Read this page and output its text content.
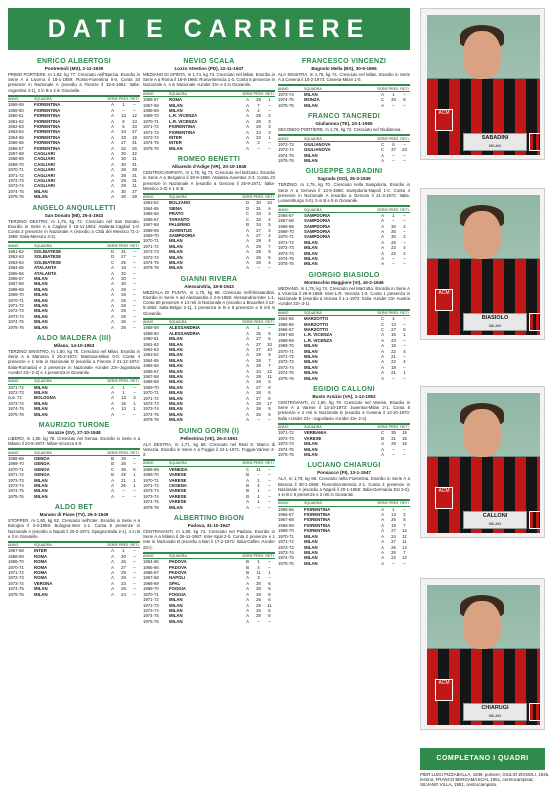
DATI E CARRIERE
ENRICO ALBERTOSI
Pontremoli (MS), 2-11-1939
PRIMO PORTIERE, m 1,82, kg 77. Cresciuto nell'Spezia. Esordio in Serie A a Livorno il 18-1-1959: Roma-Fiorentina 0-0. Conta 34 presenze in Nazionale A (esordio a Firenze il 15-6-1961: Italia-Argentina 4-1), 2 in B e 2 in Giovanile.
ANNO	SQUADRA	SERIE	PRES	RETI
1958-59	FIORENTINA	A	1	–
1959-60	FIORENTINA	A	–	–
1960-61	FIORENTINA	A	13	12
1961-62	FIORENTINA	A	6	13
1962-63	FIORENTINA	A	5	33
1963-64	FIORENTINA	A	34	27
1964-65	FIORENTINA	A	33	19
1965-66	FIORENTINA	A	27	31
1966-67	FIORENTINA	A	32	26
1967-68	CAGLIARI	A	30	32
1968-69	CAGLIARI	A	30	11
1969-70	CAGLIARI	A	30	31
1970-71	CAGLIARI	A	28	28
1971-72	CAGLIARI	A	28	31
1972-73	CAGLIARI	A	29	31
1973-74	CAGLIARI	A	29	11
1974-75	MILAN	A	30	27
1975-76	MILAN	A	30	28
ANGELO ANQUILLETTI
San Donato (MI), 25-4-1943
TERZINO DESTRO, m 1,75, kg 73. Cresciuto nel San Donato. Esordio in Serie A a Cagliari il 15-11-1964: Atalanta-Cagliari 1-0. Conta 2 presenze in Nazionale A (esordio a Città del Messico l'1-1-1969: Italia-Messico 3-2).
ANNO	SQUADRA	SERIE	PRES	RETI
1961-62	SOLBIATESE	D	31	–
1962-63	SOLBIATESE	D	27	–
1963-64	SOLBIATESE	C	25	–
1964-65	ATALANTA	A	18	–
1965-66	ATALANTA	A	32	–
1966-67	MILAN	A	30	–
1967-68	MILAN	A	30	–
1968-69	MILAN	A	29	–
1969-70	MILAN	A	26	–
1970-71	MILAN	A	25	–
1971-72	MILAN	A	28	–
1972-73	MILAN	A	25	–
1973-74	MILAN	A	26	–
1974-75	MILAN	A	26	–
1975-76	MILAN	A	26	–
ALDO MALDERA (III)
Milano, 14-10-1953
TERZINO SINISTRO, m 1,80, kg 75. Cresciuto nel Milan. Esordio in Serie A a Mantova il 26-3-1972: Mantova-Milan 0-0. Conta 4 presenze e 1 rete in Nazionale B (esordio a Firenze il 21-12-1974: Italia-Romania) e 2 presenze in Nazionale «Under 23»-Jugoslavia «Under 23» 2-2) e 1 presenza in Giovanile.
ANNO	SQUADRA	SERIE	PRES	RETI
1971-72	MILAN	A	1	–
1972-73	MILAN	A	1	–
nov. 72	BOLOGNA	A	13	3
1973-74	MILAN	A	16	1
1974-75	MILAN	A	13	1
1975-76	MILAN	A	–	–
MAURIZIO TURONE
Varazze (SV), 27-10-1948
LIBERO, m 1,80, kg 78. Cresciuto nel Genoa. Esordio in Serie A a Milano il 24-9-1972: Milan-Vicenza 4-0.
ANNO	SQUADRA	SERIE	PRES	RETI
1968-69	GENOA	B	25	–
1969-70	GENOA	B	26	–
1970-71	GENOA	C	35	6
1971-72	GENOA	B	29	1
1972-73	MILAN	A	21	1
1973-74	MILAN	A	26	1
1974-75	MILAN	A	–	–
1975-76	MILAN	A	–	–
ALDO BET
Marano di Piave (TV), 26-3-1949
STOPPER, m 1,80, kg 82. Cresciuto nell'Inter. Esordio in Serie A a Bologna il 3-3-1968: Bologna-Inter 1-1. Conta 5 presenze in Nazionale A (esordio a Napoli il 20-2-1971: Spagna-Italia 2-1), 4 in B e 3 in Giovanile.
ANNO	SQUADRA	SERIE	PRES	RETI
1967-68	INTER	A	1	–
1968-69	ROMA	A	20	–
1969-70	ROMA	A	26	–
1970-71	ROMA	A	27	–
1971-72	ROMA	A	29	–
1972-73	ROMA	A	26	–
1973-74	VERONA	A	23	–
1974-75	MILAN	A	26	–
1975-76	MILAN	A	24	–
NEVIO SCALA
Lozzo Atestino (PD), 22-11-1947
MEDIANO DI SPINTA, m 1,74, kg 73. Cresciuto nel Milan. Esordio in Serie A a Roma il 18-9-1966: Roma-Brescia 1-0. Conta 5 presenze in Nazionale A, 4 in Nazionale «Under 23» e 2 in Giovanile.
ANNO	SQUADRA	SERIE	PRES	RETI
1966-67	ROMA	A	28	1
1967-68	MILAN	A	7	–
1968-69	MILAN	A	4	–
1969-70	L.R. VICENZA	A	29	2
1970-71	L.R. VICENZA	A	26	3
1971-72	FIORENTINA	A	29	3
1972-73	FIORENTINA	A	24	3
1973-74	INTER	A	22	1
1974-75	INTER	A	3	–
1975-76	MILAN	A	–	–
ROMEO BENETTI
Albaredo d'Adige (VR), 20-10-1945
CENTROCAMPISTA, m 1,75, kg 73. Cresciuto nel Bolzano. Esordio in Serie A a Bergamo il 29-9-1968: Atalanta-Juventus 3-3. Conta 23 presenze in Nazionale A (esordio a Genova il 25-9-1971: Italia-Messico 2-0) e 1 in B.
ANNO	SQUADRA	SERIE	PRES	RETI
1963-64	BOLZANO	D	30	10
1964-65	SIENA	D	31	6
1965-66	PRATO	C	33	3
1966-67	TARANTO	C	33	4
1967-68	PALERMO	B	34	5
1968-69	JUVENTUS	A	27	2
1969-70	SAMPDORIA	A	27	2
1970-71	MILAN	A	29	4
1971-72	MILAN	A	29	7
1972-73	MILAN	A	29	5
1973-74	MILAN	A	26	5
1974-75	MILAN	A	26	4
1975-76	MILAN	A	–	–
GIANNI RIVERA
Alessandria, 18-8-1943
MEZZALA DI PUNTA, m 1,75, kg 68. Cresciuto nell'Alessandria. Esordio in Serie A ad Alessandria il 2-6-1959: Alessandria-Inter 1-1. Conta 60 presenze e 14 reti in Nazionale A (esordio a Bruxelles il 13-5-1962: Italia-Belgio 3-1), 1 presenza in B e 9 presenze e 8 reti in Giovanile.
ANNO	SQUADRA	SERIE	PRES	RETI
1958-59	ALESSANDRIA	A	1	–
1959-60	ALESSANDRIA	A	25	6
1960-61	MILAN	A	27	6
1961-62	MILAN	A	27	10
1962-63	MILAN	A	27	10
1963-64	MILAN	A	29	9
1964-65	MILAN	A	26	7
1965-66	MILAN	A	29	7
1966-67	MILAN	A	34	12
1967-68	MILAN	A	29	11
1968-69	MILAN	A	26	5
1969-70	MILAN	A	27	8
1970-71	MILAN	A	28	6
1971-72	MILAN	A	27	6
1972-73	MILAN	A	28	17
1973-74	MILAN	A	26	5
1974-75	MILAN	A	26	5
1975-76	MILAN	A	–	–
DUINO GORIN (I)
Pellestrina (VE), 26-3-1951
ALA DESTRA, m 1,71, kg 68. Cresciuto nel Real S. Marco di Venezia. Esordio in Serie A a Foggia il 24-1-1971: Foggia-Varese 2-2.
ANNO	SQUADRA	SERIE	PRES	RETI
1968-69	VENEZIA	C	11	–
1969-70	VARESE	B	–	–
1970-71	VARESE	A	1	–
1971-72	CESENA	B	4	–
1972-73	VARESE	B	1	–
1973-74	VARESE	B	1	–
1974-75	VARESE	A	1	–
1975-76	MILAN	A	–	–
ALBERTINO BIGON
Padova, 31-10-1947
CENTRAVANTI, m 1,80, kg 74. Cresciuto nel Padova. Esordio in Serie A a Milano il 26-11-1967: Inter-Spal 2-0. Conta 2 presenze e 1 rete in Nazionale B (esordio a Bari il 17-2-1971: Italia-Galles «Under 23»).
ANNO	SQUADRA	SERIE	PRES	RETI
1964-65	PADOVA	B	1	–
1965-66	PADOVA	B	4	–
1966-67	PADOVA	B	11	1
1967-68	NAPOLI	A	3	–
1968-69	SPAL	A	30	6
1969-70	FOGGIA	A	28	5
1970-71	FOGGIA	A	28	8
1971-72	MILAN	A	26	6
1972-73	MILAN	A	25	11
1973-74	MILAN	A	25	5
1974-75	MILAN	A	28	8
1975-76	MILAN	A	–	–
FRANCESCO VINCENZI
Bagnolo Mella (BS), 30-9-1956
ALA SINISTRA, m 1,76, kg 74. Cresciuto nel Milan. Esordio in Serie A a Cesena il 10-2-1974: Cesena-Milan 1-0.
ANNO	SQUADRA	SERIE	PRES	RETI
1973-74	MILAN	A	1	–
1974-75	MONZA	C	20	8
1975-76	MILAN	A	–	–
FRANCO TANCREDI
Giulianova (TE), 10-1-1955
SECONDO PORTIERE, m 1,76, kg 72. Cresciuto nel Giulianova.
ANNO	SQUADRA	SERIE	PRES	RETI
1972-73	GIULIANOVA	C	6	–
1973-74	GIULIANOVA	C	37	23
1974-75	MILAN	A	–	–
1975-76	MILAN	A	–	–
GIUSEPPE SABADINI
Sagrado (GO), 26-3-1949
TERZINO, m 1,75, kg 70. Cresciuto nella Sampdoria. Esordio in Serie A a Genova il 13-5-1968: Sampdoria-Napoli 1-0. Conta 4 presenze in Nazionale A (esordio a Genova il 21-3-1972: Italia-Lussemburgo 3-0), 5 in B e 5 in Giovanile.
ANNO	SQUADRA	SERIE	PRES	RETI
1966-67	SAMPDORIA	A	1	–
1967-68	SAMPDORIA	A	–	–
1968-69	SAMPDORIA	A	30	2
1969-70	SAMPDORIA	A	26	–
1970-71	SAMPDORIA	A	30	2
1971-72	MILAN	A	26	–
1972-73	MILAN	A	23	4
1973-74	MILAN	A	22	2
1974-75	MILAN	A	–	–
1975-76	MILAN	A	–	–
GIORGIO BIASIOLO
Montecchio Maggiore (VI), 16-2-1946
MEDIANO, m 1,75, kg 74. Cresciuto nel Marzotto. Esordio in Serie A a Vicenza il 29-9-1968: Inter-L.R. Vicenza 1-0. Conta 1 presenza in Nazionale B (esordio a Verona il 1-1-1972: Italia «Under 23» Austria «Under 23» 3-1).
ANNO	SQUADRA	SERIE	PRES	RETI
1964-65	MARZOTTO	C	4	–
1965-66	MARZOTTO	C	13	–
1966-67	MARZOTTO	C	27	5
1967-68	L.R. VICENZA	A	16	1
1968-69	L.R. VICENZA	A	23	–
1969-70	MILAN	A	19	–
1970-71	MILAN	A	22	4
1971-72	MILAN	A	21	–
1972-73	MILAN	A	22	4
1973-74	MILAN	A	19	–
1974-75	MILAN	A	21	1
1975-76	MILAN	A	–	–
EGIDIO CALLONI
Busto Arsizio (VA), 1-12-1952
CENTRAVANTI, m 1,80, kg 79. Cresciuto nel Varese. Esordio in Serie A a Varese il 13-10-1973: Juventus-Milan 2-1. Conta 5 presenze e 2 reti in Nazionale B (esordio a Cesena il 13-10-1973: Italia «Under 23» -Jugoslavia «Under 23» 2-2).
ANNO	SQUADRA	SERIE	PRES	RETI
1971-72	VERBANIA	C	35	15
1972-73	VARESE	B	31	16
1973-74	MILAN	A	29	15
1974-75	MILAN	A	–	–
1975-76	MILAN	A	–	–
LUCIANO CHIARUGI
Ponsacco (PI), 13-1-1947
ALA, m 1,79, kg 68. Cresciuto nella Fiorentina. Esordio in Serie A a Brescia il 30-1-1966: Fiorentina-Brescia 2-1. Conta 3 presenze in Nazionale A (esordio a Napoli il 20-1-1969: Italia-Germania Est 3-0), 4 in B e 6 presenze e 2 reti in Giovanile.
ANNO	SQUADRA	SERIE	PRES	RETI
1965-66	FIORENTINA	A	1	–
1966-67	FIORENTINA	A	13	2
1967-68	FIORENTINA	A	26	6
1968-69	FIORENTINA	A	18	7
1969-70	FIORENTINA	A	27	12
1970-71	MILAN	A	24	11
1971-72	MILAN	A	27	11
1972-73	MILAN	A	26	13
1973-74	MILAN	A	26	7
1974-75	MILAN	A	22	12
1975-76	MILAN	A	–	–
ACM
SABADINI
MILAN
ACM
BIASIOLO
MILAN
ACM
CALLONI
MILAN
ACM
CHIARUGI
MILAN
COMPLETANO I QUADRI
PIER LUIGI PIZZABALLA, 1939, portiere; GIULIO ZIGNOLI, 1946, terzino; FRANCO BERGAMASCHI, 1951, centrocampista; SILVANO VILLA, 1951, centrocampista.
